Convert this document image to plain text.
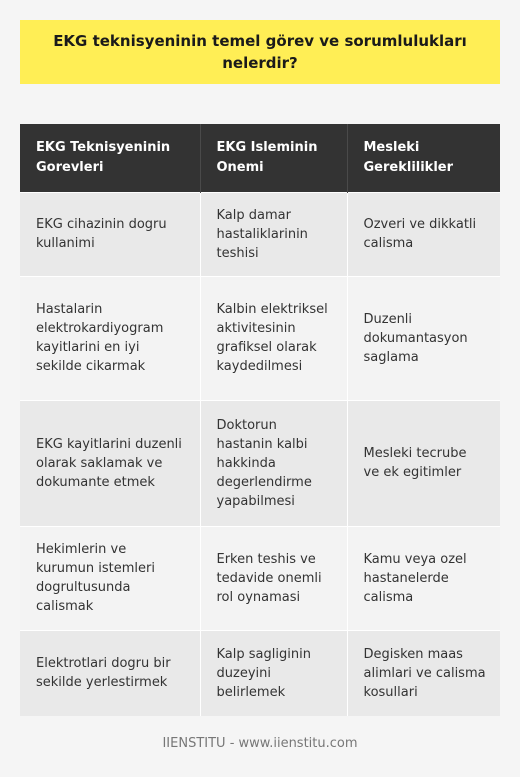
EKG teknisyeninin temel görev ve sorumlulukları nelerdir?
EKG Teknisyeninin Gorevleri	EKG Isleminin Onemi	Mesleki Gereklilikler
EKG cihazinin dogru kullanimi	Kalp damar hastaliklarinin teshisi	Ozveri ve dikkatli calisma
Hastalarin elektrokardiyogram kayitlarini en iyi sekilde cikarmak	Kalbin elektriksel aktivitesinin grafiksel olarak kaydedilmesi	Duzenli dokumantasyon saglama
EKG kayitlarini duzenli olarak saklamak ve dokumante etmek	Doktorun hastanin kalbi hakkinda degerlendirme yapabilmesi	Mesleki tecrube ve ek egitimler
Hekimlerin ve kurumun istemleri dogrultusunda calismak	Erken teshis ve tedavide onemli rol oynamasi	Kamu veya ozel hastanelerde calisma
Elektrotlari dogru bir sekilde yerlestirmek	Kalp sagliginin duzeyini belirlemek	Degisken maas alimlari ve calisma kosullari
IIENSTITU - www.iienstitu.com
